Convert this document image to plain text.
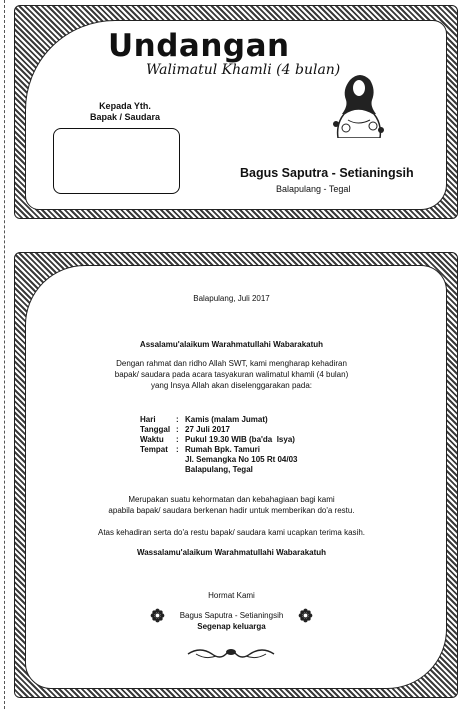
Undangan
Walimatul Khamli (4 bulan)
Kepada Yth.
Bapak / Saudara
Bagus Saputra - Setianingsih
Balapulang - Tegal
Balapulang, Juli 2017
Assalamu'alaikum Warahmatullahi Wabarakatuh
Dengan rahmat dan ridho Allah SWT, kami mengharap kehadiran
bapak/ saudara pada acara tasyakuran walimatul khamli (4 bulan)
yang Insya Allah akan diselenggarakan pada:
Hari	: Kamis (malam Jumat)
Tanggal : 27 Juli 2017
Waktu	: Pukul 19.30 WIB (ba'da  Isya)
Tempat	: Rumah Bpk. Tamuri
Jl. Semangka No 105 Rt 04/03
Balapulang, Tegal
Merupakan suatu kehormatan dan kebahagiaan bagi kami
apabila bapak/ saudara berkenan hadir untuk memberikan do'a restu.
Atas kehadiran serta do'a restu bapak/ saudara kami ucapkan terima kasih.
Wassalamu'alaikum Warahmatullahi Wabarakatuh
Hormat Kami
Bagus Saputra - Setianingsih
Segenap keluarga
